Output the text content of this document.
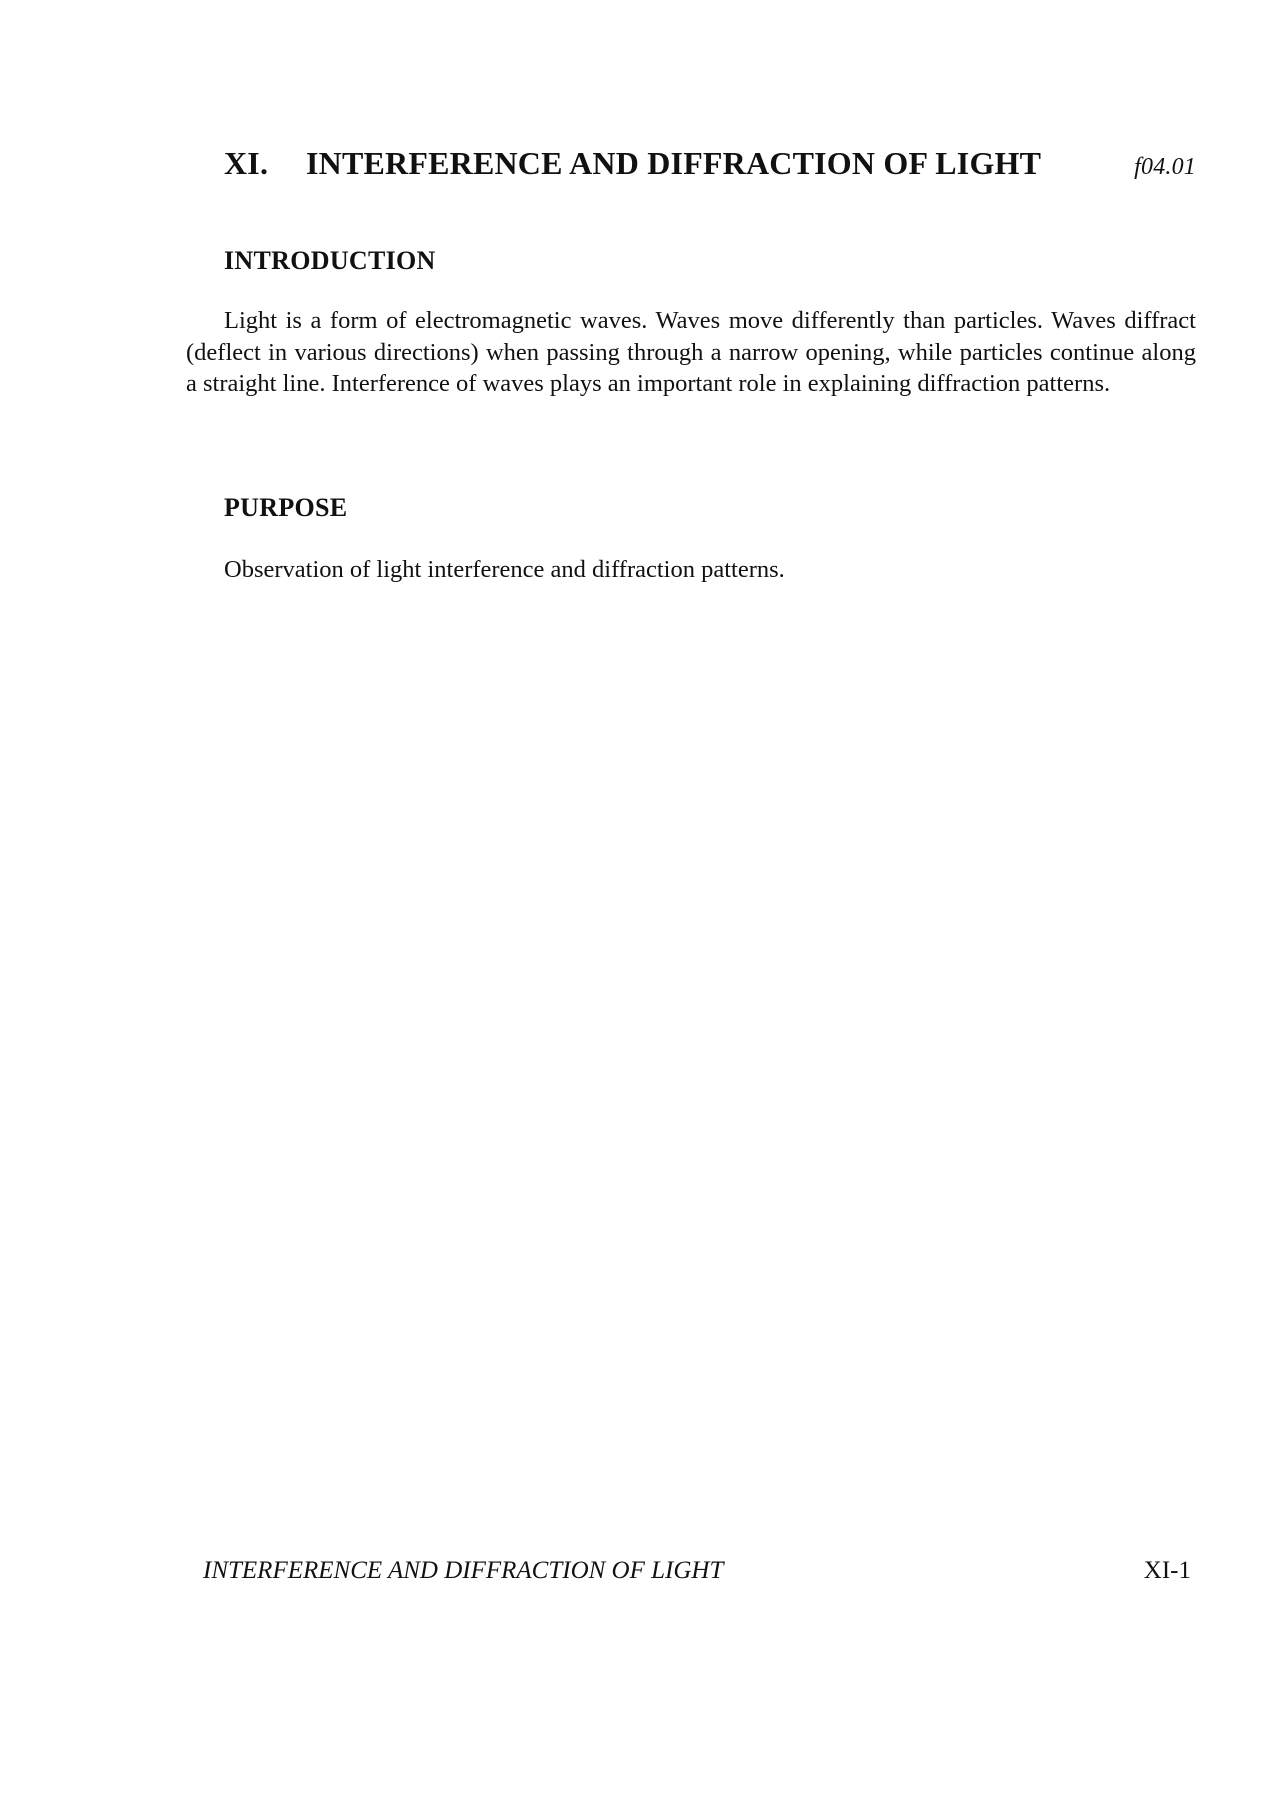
XI.	INTERFERENCE AND DIFFRACTION OF LIGHT	f04.01
INTRODUCTION

Light is a form of electromagnetic waves. Waves move differently than particles. Waves diffract (deflect in various directions) when passing through a narrow opening, while particles continue along a straight line. Interference of waves plays an important role in explaining diffraction patterns.

PURPOSE

Observation of light interference and diffraction patterns.

INTERFERENCE AND DIFFRACTION OF LIGHT	XI-1
